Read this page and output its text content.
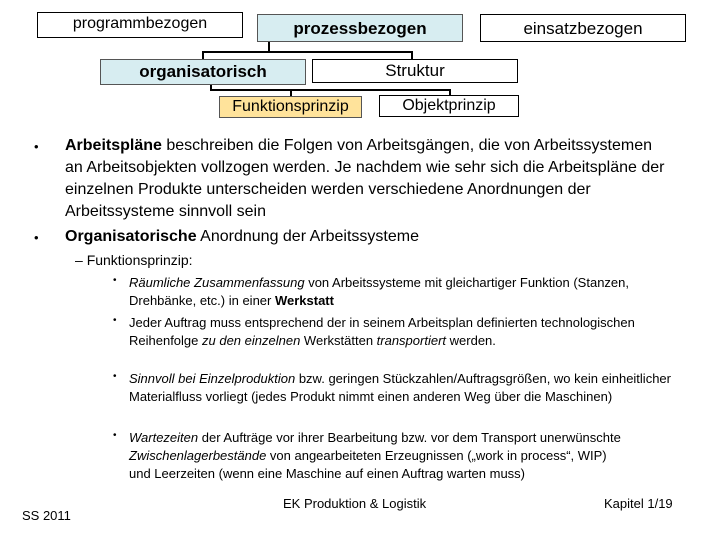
programmbezogen	prozessbezogen	einsatzbezogen
organisatorisch	Struktur
Funktionsprinzip	Objektprinzip
• Arbeitspläne beschreiben die Folgen von Arbeitsgängen, die von Arbeitssystemen an Arbeitsobjekten vollzogen werden. Je nachdem wie sehr sich die Arbeitspläne der einzelnen Produkte unterscheiden werden verschiedene Anordnungen der Arbeitssysteme sinnvoll sein
• Organisatorische Anordnung der Arbeitssysteme
– Funktionsprinzip:
• Räumliche Zusammenfassung von Arbeitssysteme mit gleichartiger Funktion (Stanzen, Drehbänke, etc.) in einer Werkstatt
• Jeder Auftrag muss entsprechend der in seinem Arbeitsplan definierten technologischen Reihenfolge zu den einzelnen Werkstätten transportiert werden.
• Sinnvoll bei Einzelproduktion bzw. geringen Stückzahlen/Auftragsgrößen, wo kein einheitlicher Materialfluss vorliegt (jedes Produkt nimmt einen anderen Weg über die Maschinen)
• Wartezeiten der Aufträge vor ihrer Bearbeitung bzw. vor dem Transport unerwünschte Zwischenlagerbestände von angearbeiteten Erzeugnissen („work in process“, WIP) und Leerzeiten (wenn eine Maschine auf einen Auftrag warten muss)
SS 2011
EK Produktion & Logistik	Kapitel 1/19
